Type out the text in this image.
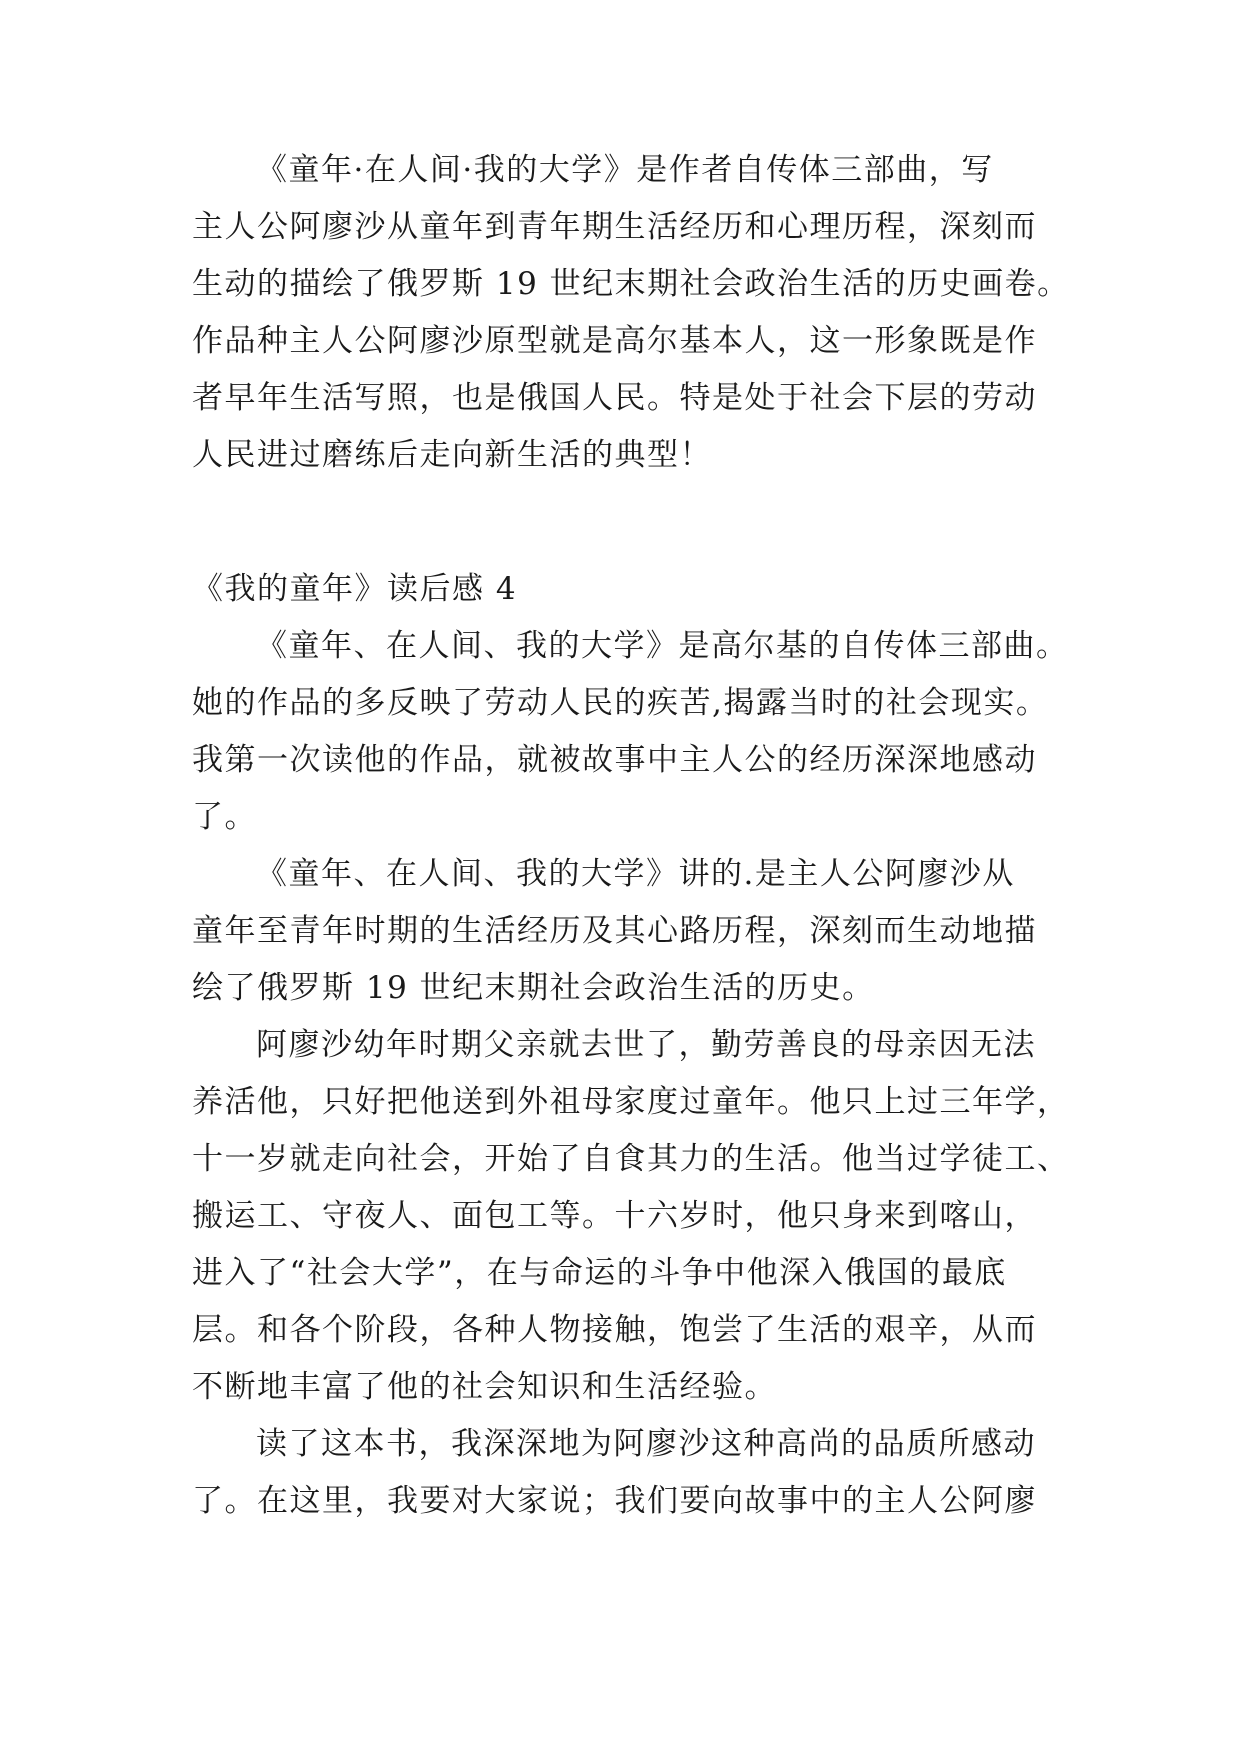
《童年·在人间·我的大学》是作者自传体三部曲，写
主人公阿廖沙从童年到青年期生活经历和心理历程，深刻而
生动的描绘了俄罗斯 19 世纪末期社会政治生活的历史画卷。
作品种主人公阿廖沙原型就是高尔基本人，这一形象既是作
者早年生活写照，也是俄国人民。特是处于社会下层的劳动
人民进过磨练后走向新生活的典型！
《我的童年》读后感 4
《童年、在人间、我的大学》是高尔基的自传体三部曲。
她的作品的多反映了劳动人民的疾苦,揭露当时的社会现实。
我第一次读他的作品，就被故事中主人公的经历深深地感动
了。
《童年、在人间、我的大学》讲的.是主人公阿廖沙从
童年至青年时期的生活经历及其心路历程，深刻而生动地描
绘了俄罗斯 19 世纪末期社会政治生活的历史。
阿廖沙幼年时期父亲就去世了，勤劳善良的母亲因无法
养活他，只好把他送到外祖母家度过童年。他只上过三年学，
十一岁就走向社会，开始了自食其力的生活。他当过学徒工、
搬运工、守夜人、面包工等。十六岁时，他只身来到喀山，
进入了“社会大学”，在与命运的斗争中他深入俄国的最底
层。和各个阶段，各种人物接触，饱尝了生活的艰辛，从而
不断地丰富了他的社会知识和生活经验。
读了这本书，我深深地为阿廖沙这种高尚的品质所感动
了。在这里，我要对大家说；我们要向故事中的主人公阿廖
